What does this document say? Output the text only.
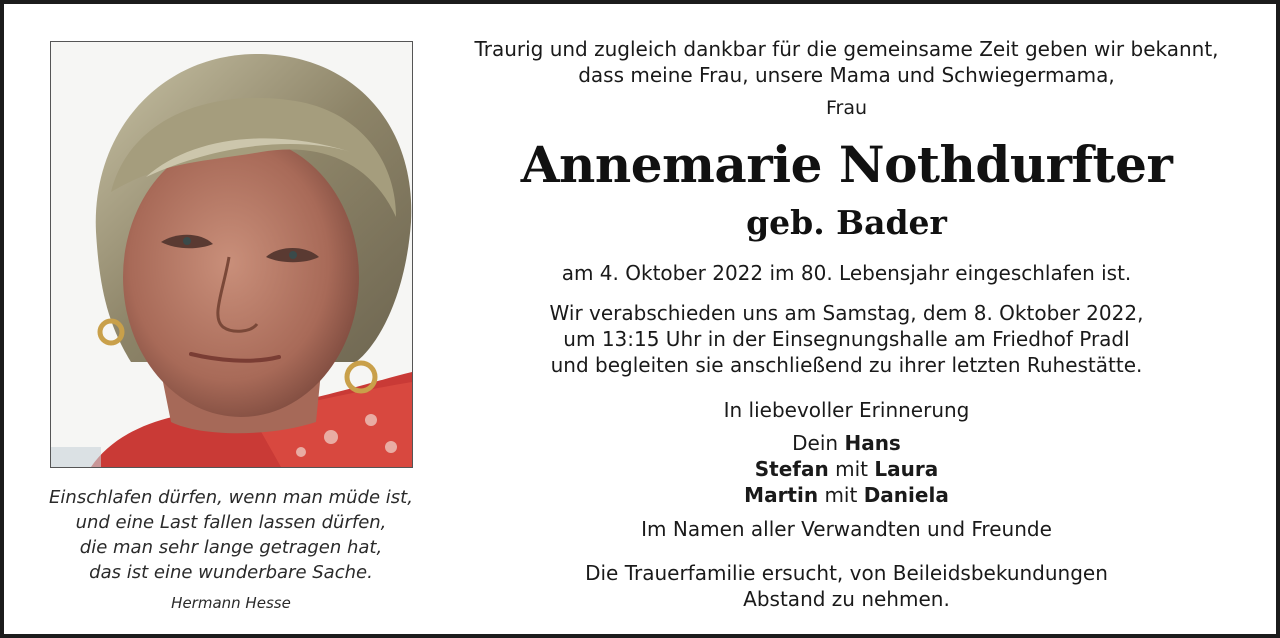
Einschlafen dürfen, wenn man müde ist,
und eine Last fallen lassen dürfen,
die man sehr lange getragen hat,
das ist eine wunderbare Sache.
Hermann Hesse
Traurig und zugleich dankbar für die gemeinsame Zeit geben wir bekannt,
dass meine Frau, unsere Mama und Schwiegermama,
Frau
Annemarie Nothdurfter
geb. Bader
am 4. Oktober 2022 im 80. Lebensjahr eingeschlafen ist.
Wir verabschieden uns am Samstag, dem 8. Oktober 2022,
um 13:15 Uhr in der Einsegnungshalle am Friedhof Pradl
und begleiten sie anschließend zu ihrer letzten Ruhestätte.
In liebevoller Erinnerung
Dein Hans
Stefan mit Laura
Martin mit Daniela
Im Namen aller Verwandten und Freunde
Die Trauerfamilie ersucht, von Beileidsbekundungen
Abstand zu nehmen.
